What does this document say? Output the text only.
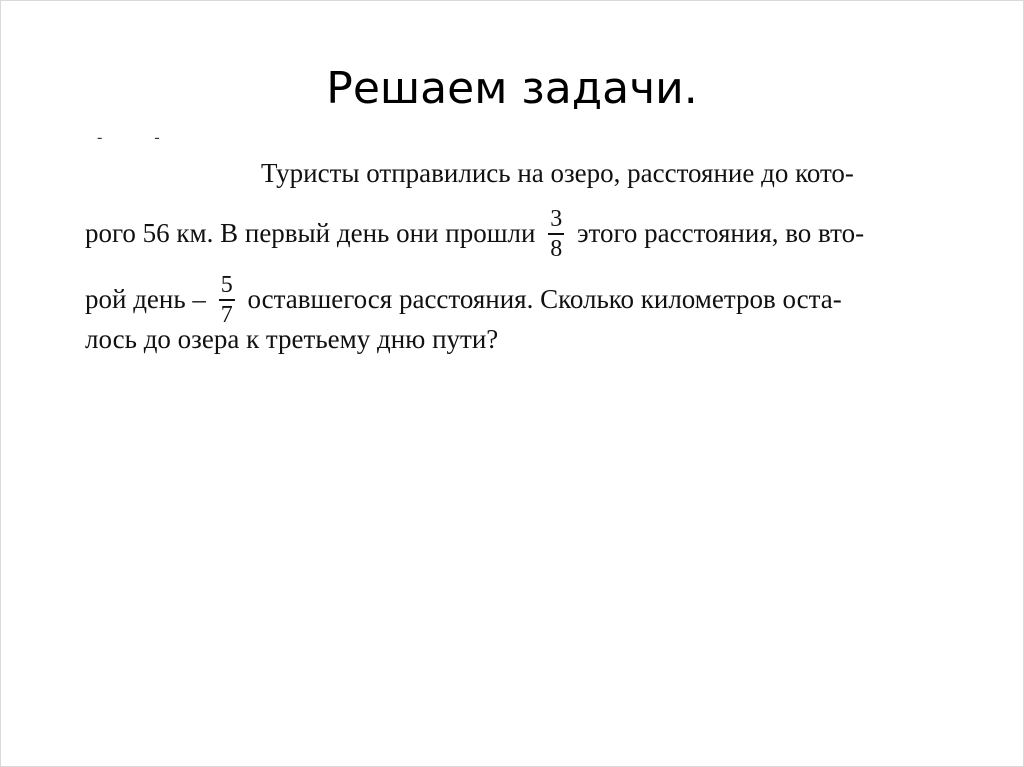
Решаем задачи.
- -
Туристы отправились на озеро, расстояние до кото-
рого 56 км. В первый день они прошли $\frac{3}{8}$ этого расстояния, во вто-
рой день – $\frac{5}{7}$ оставшегося расстояния. Сколько километров оста-
лось до озера к третьему дню пути?
